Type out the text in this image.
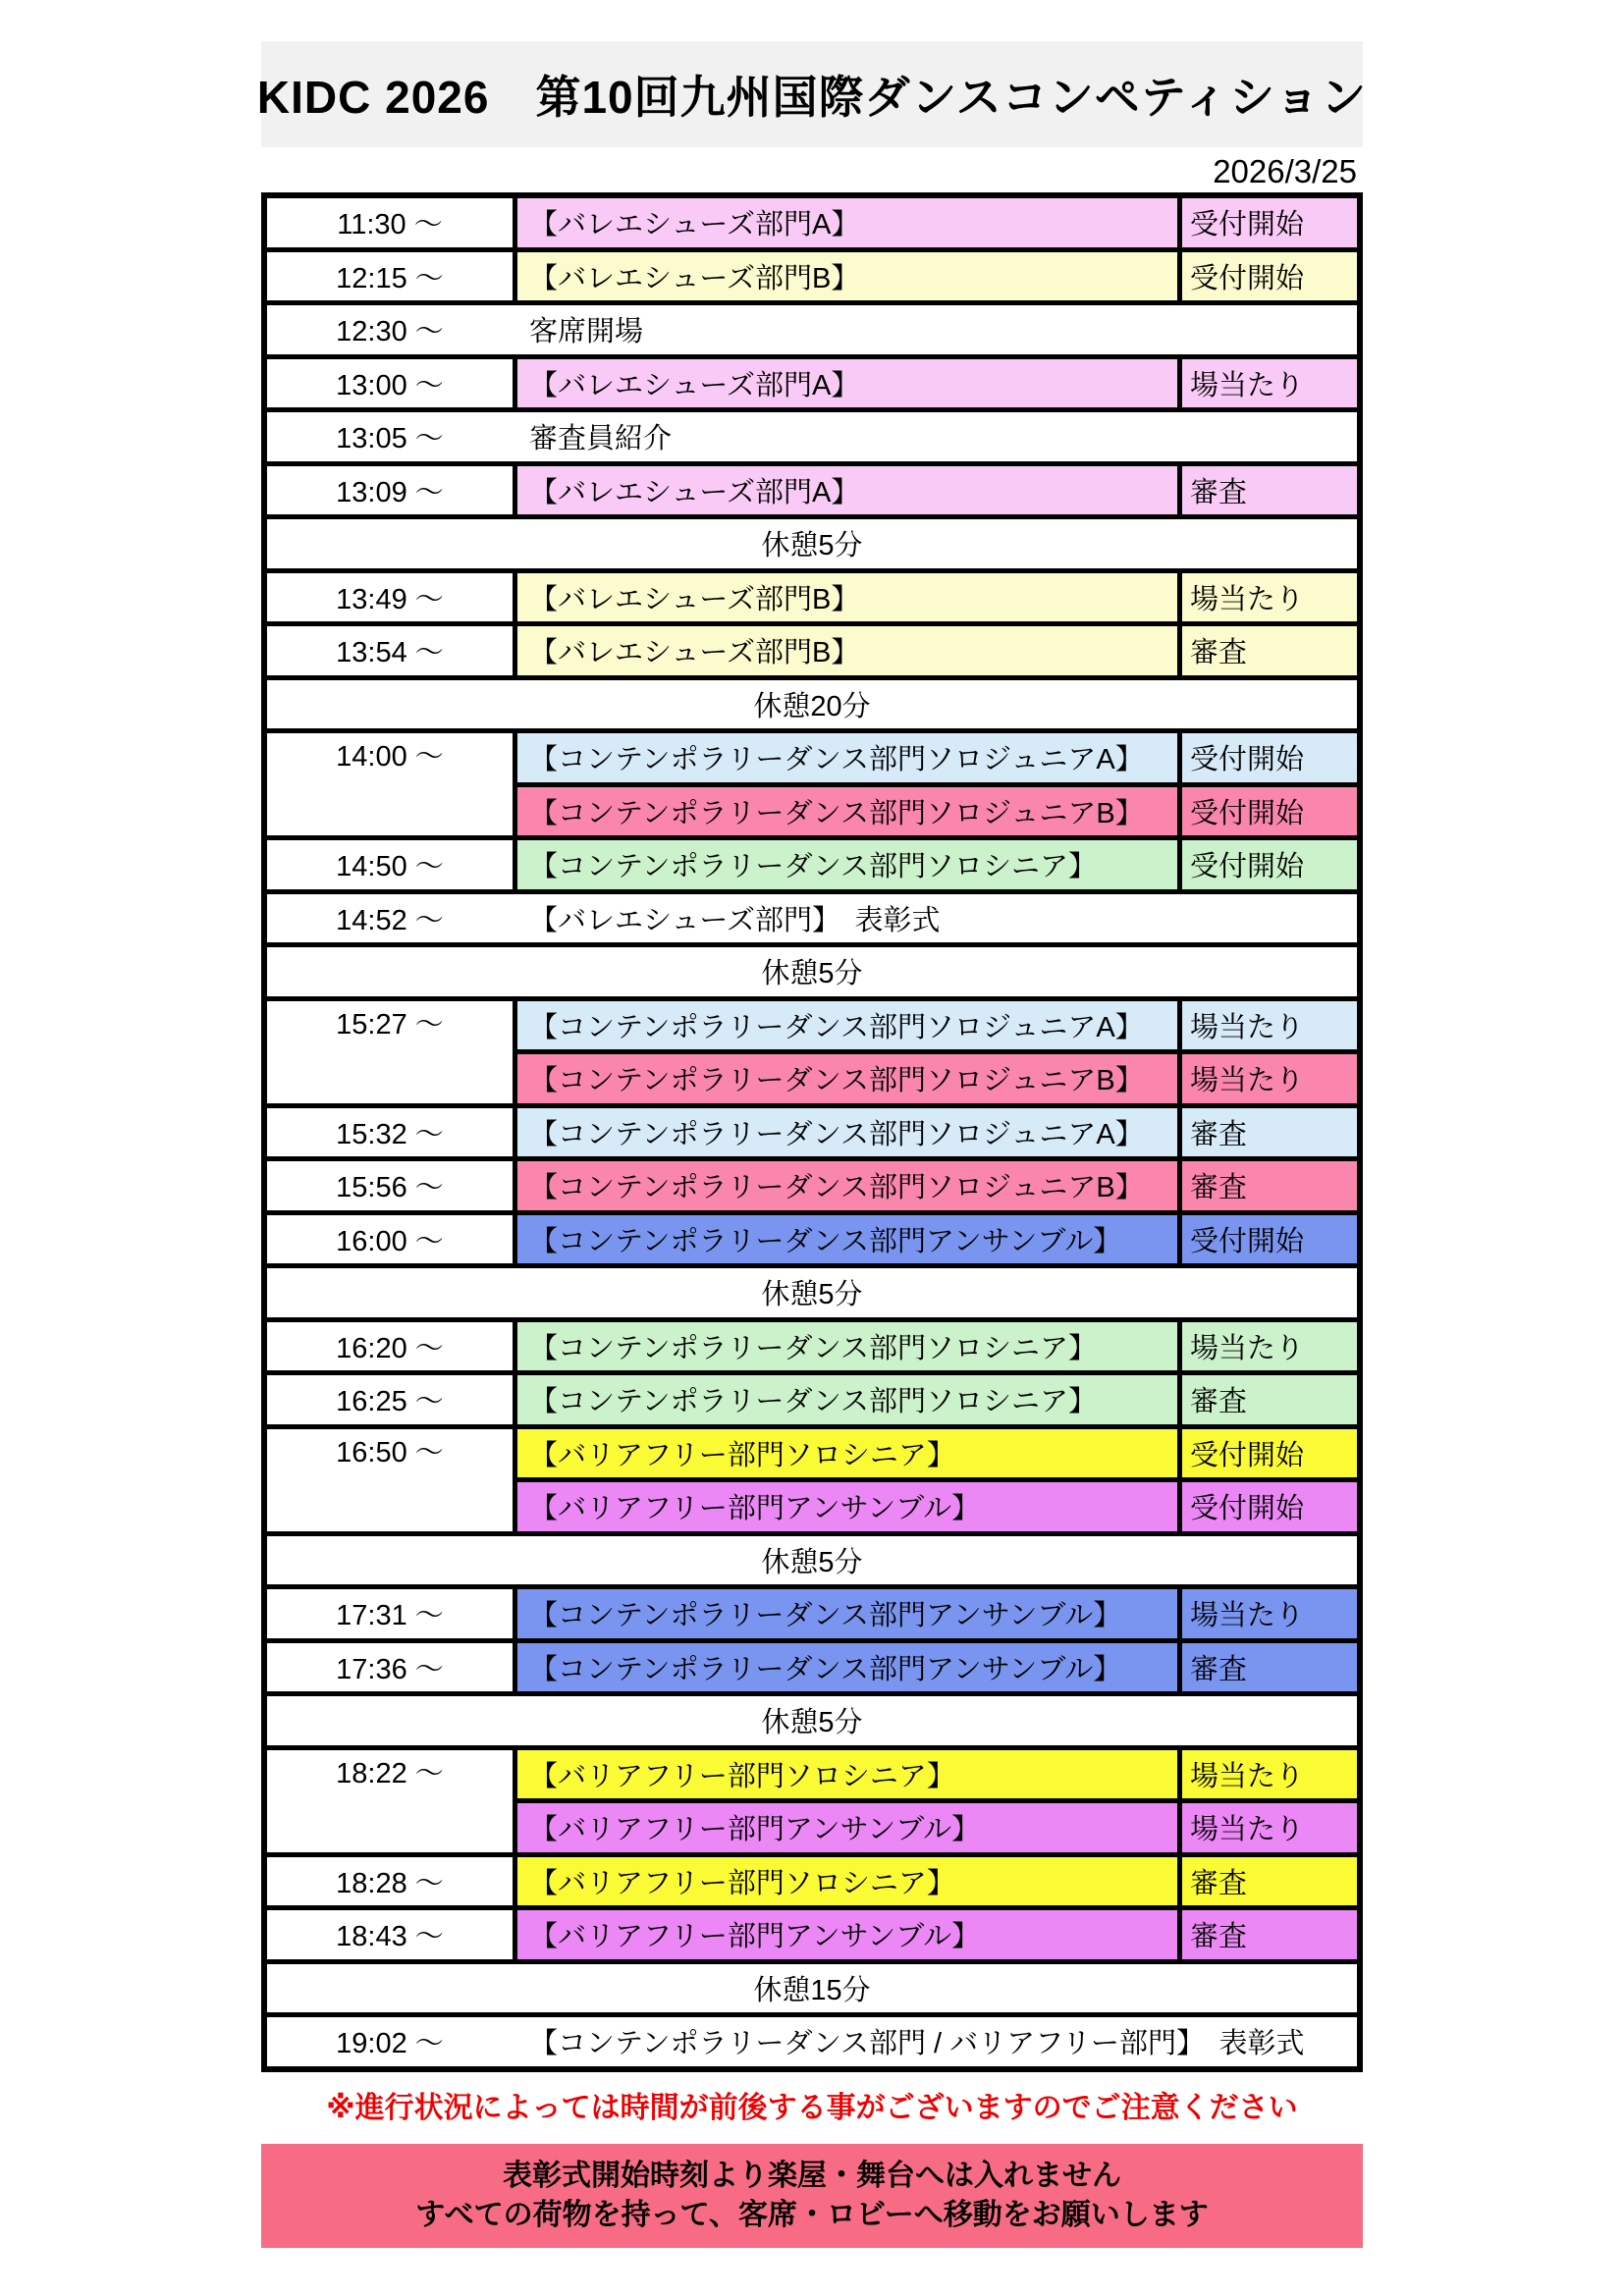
KIDC 2026　第10回九州国際ダンスコンペティション
2026/3/25
11:30 ～	【バレエシューズ部門A】	受付開始
12:15 ～	【バレエシューズ部門B】	受付開始
12:30 ～	客席開場
13:00 ～	【バレエシューズ部門A】	場当たり
13:05 ～	審査員紹介
13:09 ～	【バレエシューズ部門A】	審査
休憩5分
13:49 ～	【バレエシューズ部門B】	場当たり
13:54 ～	【バレエシューズ部門B】	審査
休憩20分
14:00 ～	【コンテンポラリーダンス部門ソロジュニアA】	受付開始
【コンテンポラリーダンス部門ソロジュニアB】	受付開始
14:50 ～	【コンテンポラリーダンス部門ソロシニア】	受付開始
14:52 ～	【バレエシューズ部門】　表彰式
休憩5分
15:27 ～	【コンテンポラリーダンス部門ソロジュニアA】	場当たり
【コンテンポラリーダンス部門ソロジュニアB】	場当たり
15:32 ～	【コンテンポラリーダンス部門ソロジュニアA】	審査
15:56 ～	【コンテンポラリーダンス部門ソロジュニアB】	審査
16:00 ～	【コンテンポラリーダンス部門アンサンブル】	受付開始
休憩5分
16:20 ～	【コンテンポラリーダンス部門ソロシニア】	場当たり
16:25 ～	【コンテンポラリーダンス部門ソロシニア】	審査
16:50 ～	【バリアフリー部門ソロシニア】	受付開始
【バリアフリー部門アンサンブル】	受付開始
休憩5分
17:31 ～	【コンテンポラリーダンス部門アンサンブル】	場当たり
17:36 ～	【コンテンポラリーダンス部門アンサンブル】	審査
休憩5分
18:22 ～	【バリアフリー部門ソロシニア】	場当たり
【バリアフリー部門アンサンブル】	場当たり
18:28 ～	【バリアフリー部門ソロシニア】	審査
18:43 ～	【バリアフリー部門アンサンブル】	審査
休憩15分
19:02 ～	【コンテンポラリーダンス部門 / バリアフリー部門】　表彰式
※進行状況によっては時間が前後する事がございますのでご注意ください
表彰式開始時刻より楽屋・舞台へは入れません
すべての荷物を持って、客席・ロビーへ移動をお願いします
